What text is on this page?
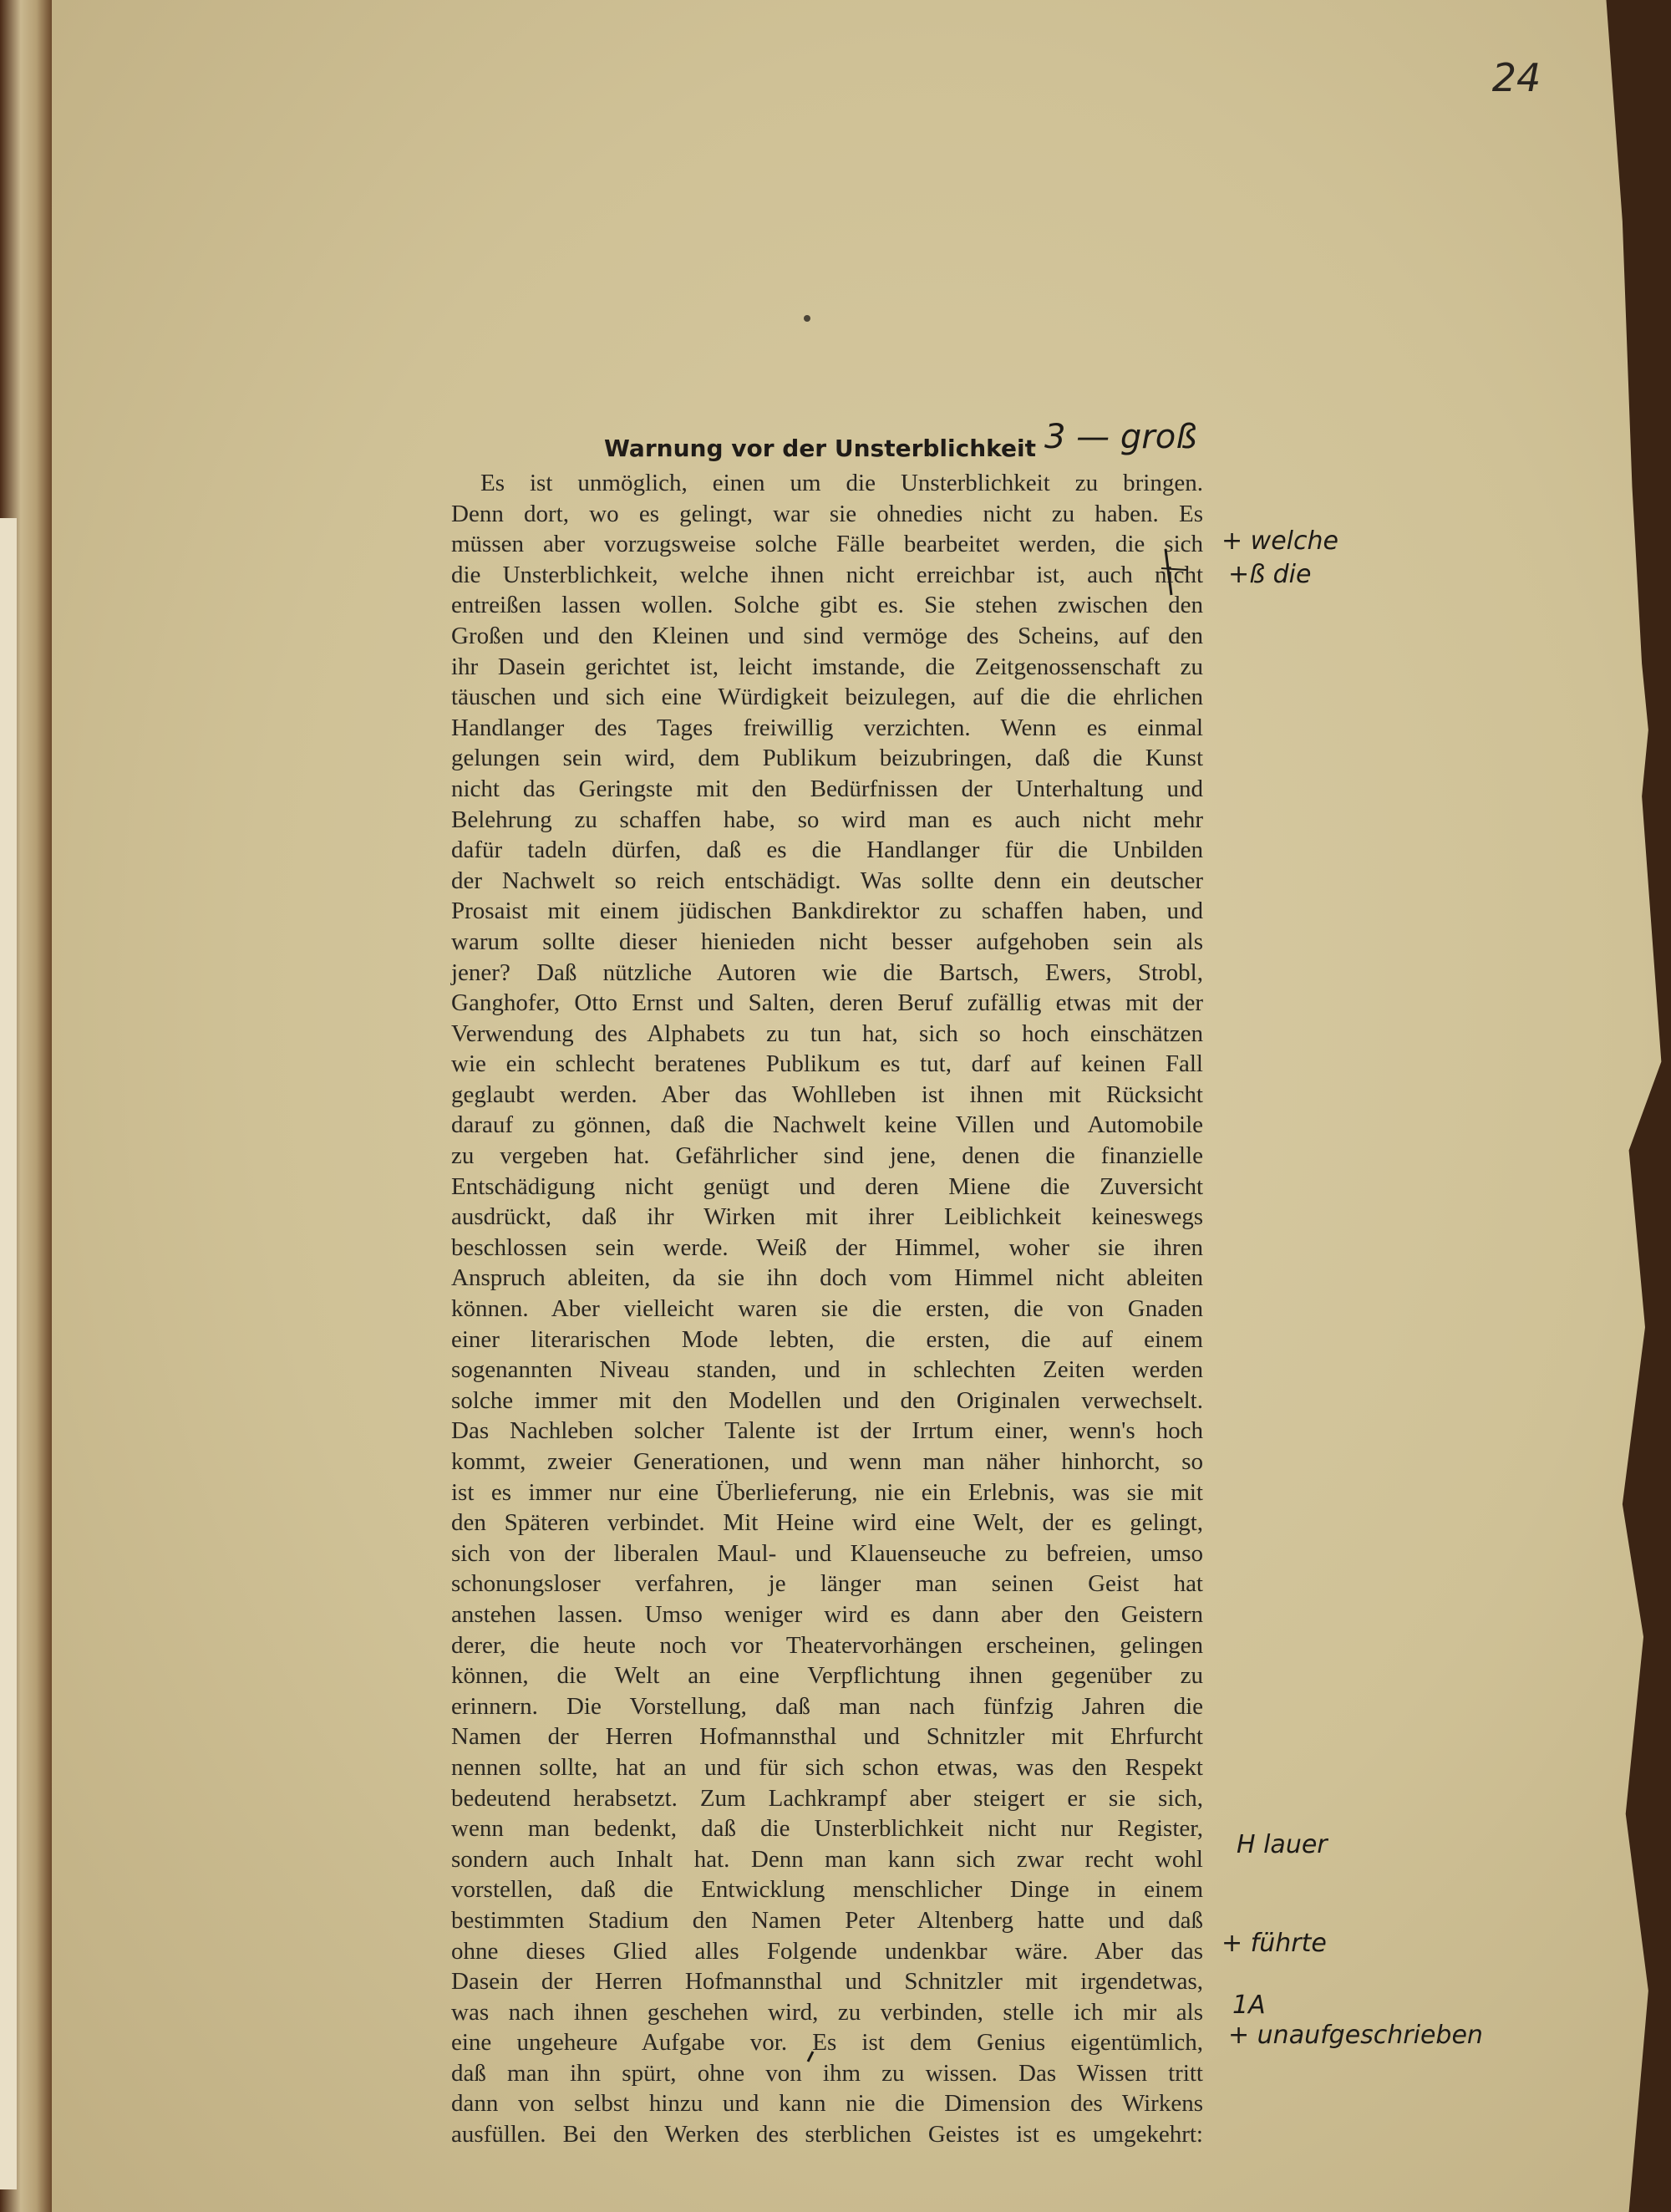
24
Warnung vor der Unsterblichkeit
Es ist unmöglich, einen um die Unsterblichkeit zu bringen.
Denn dort, wo es gelingt, war sie ohnedies nicht zu haben. Es
müssen aber vorzugsweise solche Fälle bearbeitet werden, die sich
die Unsterblichkeit, welche ihnen nicht erreichbar ist, auch nicht
entreißen lassen wollen. Solche gibt es. Sie stehen zwischen den
Großen und den Kleinen und sind vermöge des Scheins, auf den
ihr Dasein gerichtet ist, leicht imstande, die Zeitgenossenschaft zu
täuschen und sich eine Würdigkeit beizulegen, auf die die ehrlichen
Handlanger des Tages freiwillig verzichten. Wenn es einmal
gelungen sein wird, dem Publikum beizubringen, daß die Kunst
nicht das Geringste mit den Bedürfnissen der Unterhaltung und
Belehrung zu schaffen habe, so wird man es auch nicht mehr
dafür tadeln dürfen, daß es die Handlanger für die Unbilden
der Nachwelt so reich entschädigt. Was sollte denn ein deutscher
Prosaist mit einem jüdischen Bankdirektor zu schaffen haben, und
warum sollte dieser hienieden nicht besser aufgehoben sein als
jener? Daß nützliche Autoren wie die Bartsch, Ewers, Strobl,
Ganghofer, Otto Ernst und Salten, deren Beruf zufällig etwas mit der
Verwendung des Alphabets zu tun hat, sich so hoch einschätzen
wie ein schlecht beratenes Publikum es tut, darf auf keinen Fall
geglaubt werden. Aber das Wohlleben ist ihnen mit Rücksicht
darauf zu gönnen, daß die Nachwelt keine Villen und Automobile
zu vergeben hat. Gefährlicher sind jene, denen die finanzielle
Entschädigung nicht genügt und deren Miene die Zuversicht
ausdrückt, daß ihr Wirken mit ihrer Leiblichkeit keineswegs
beschlossen sein werde. Weiß der Himmel, woher sie ihren
Anspruch ableiten, da sie ihn doch vom Himmel nicht ableiten
können. Aber vielleicht waren sie die ersten, die von Gnaden
einer literarischen Mode lebten, die ersten, die auf einem
sogenannten Niveau standen, und in schlechten Zeiten werden
solche immer mit den Modellen und den Originalen verwechselt.
Das Nachleben solcher Talente ist der Irrtum einer, wenn's hoch
kommt, zweier Generationen, und wenn man näher hinhorcht, so
ist es immer nur eine Überlieferung, nie ein Erlebnis, was sie mit
den Späteren verbindet. Mit Heine wird eine Welt, der es gelingt,
sich von der liberalen Maul- und Klauenseuche zu befreien, umso
schonungsloser verfahren, je länger man seinen Geist hat
anstehen lassen. Umso weniger wird es dann aber den Geistern
derer, die heute noch vor Theatervorhängen erscheinen, gelingen
können, die Welt an eine Verpflichtung ihnen gegenüber zu
erinnern. Die Vorstellung, daß man nach fünfzig Jahren die
Namen der Herren Hofmannsthal und Schnitzler mit Ehrfurcht
nennen sollte, hat an und für sich schon etwas, was den Respekt
bedeutend herabsetzt. Zum Lachkrampf aber steigert er sie sich,
wenn man bedenkt, daß die Unsterblichkeit nicht nur Register,
sondern auch Inhalt hat. Denn man kann sich zwar recht wohl
vorstellen, daß die Entwicklung menschlicher Dinge in einem
bestimmten Stadium den Namen Peter Altenberg hatte und daß
ohne dieses Glied alles Folgende undenkbar wäre. Aber das
Dasein der Herren Hofmannsthal und Schnitzler mit irgendetwas,
was nach ihnen geschehen wird, zu verbinden, stelle ich mir als
eine ungeheure Aufgabe vor. Es ist dem Genius eigentümlich,
daß man ihn spürt, ohne von ihm zu wissen. Das Wissen tritt
dann von selbst hinzu und kann nie die Dimension des Wirkens
ausfüllen. Bei den Werken des sterblichen Geistes ist es umgekehrt:
3 — groß
+ welche
+ß die
H lauer
+ führte
1A
+ unaufgeschrieben
